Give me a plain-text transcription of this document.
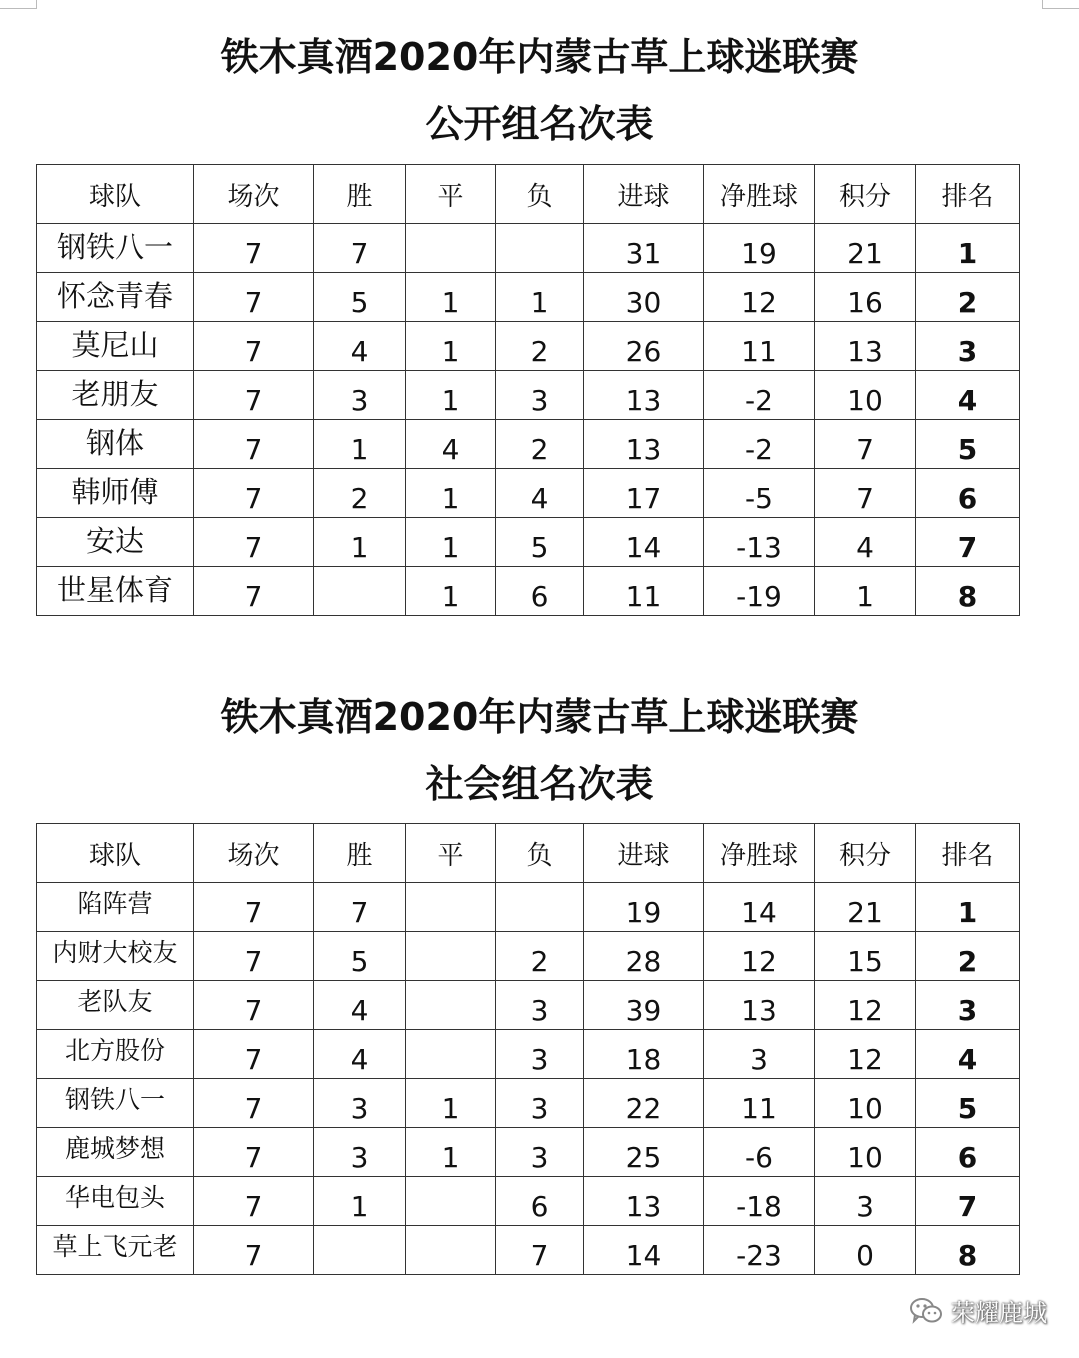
铁木真酒2020年内蒙古草上球迷联赛
公开组名次表
球队	场次	胜	平	负	进球	净胜球	积分	排名
钢铁八一	7	7			31	19	21	1
怀念青春	7	5	1	1	30	12	16	2
莫尼山	7	4	1	2	26	11	13	3
老朋友	7	3	1	3	13	-2	10	4
钢体	7	1	4	2	13	-2	7	5
韩师傅	7	2	1	4	17	-5	7	6
安达	7	1	1	5	14	-13	4	7
世星体育	7		1	6	11	-19	1	8
铁木真酒2020年内蒙古草上球迷联赛
社会组名次表
球队	场次	胜	平	负	进球	净胜球	积分	排名
陷阵营	7	7			19	14	21	1
内财大校友	7	5		2	28	12	15	2
老队友	7	4		3	39	13	12	3
北方股份	7	4		3	18	3	12	4
钢铁八一	7	3	1	3	22	11	10	5
鹿城梦想	7	3	1	3	25	-6	10	6
华电包头	7	1		6	13	-18	3	7
草上飞元老	7			7	14	-23	0	8
荣耀鹿城
